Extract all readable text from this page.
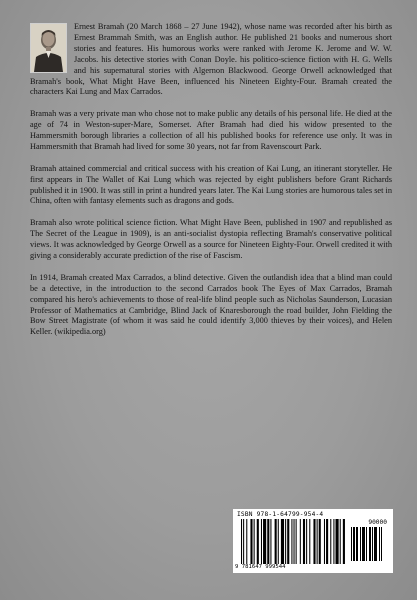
Ernest Bramah (20 March 1868 – 27 June 1942), whose name was recorded after his birth as Ernest Brammah Smith, was an English author. He published 21 books and numerous short stories and features. His humorous works were ranked with Jerome K. Jerome and W. W. Jacobs. his detective stories with Conan Doyle. his politico-science fiction with H. G. Wells and his supernatural stories with Algernon Blackwood. George Orwell acknowledged that Bramah's book, What Might Have Been, influenced his Nineteen Eighty-Four. Bramah created the characters Kai Lung and Max Carrados.

Bramah was a very private man who chose not to make public any details of his personal life. He died at the age of 74 in Weston-super-Mare, Somerset. After Bramah had died his widow presented to the Hammersmith borough libraries a collection of all his published books for reference use only. It was in Hammersmith that Bramah had lived for some 30 years, not far from Ravenscourt Park.

Bramah attained commercial and critical success with his creation of Kai Lung, an itinerant storyteller. He first appears in The Wallet of Kai Lung which was rejected by eight publishers before Grant Richards published it in 1900. It was still in print a hundred years later. The Kai Lung stories are humorous tales set in China, often with fantasy elements such as dragons and gods.

Bramah also wrote political science fiction. What Might Have Been, published in 1907 and republished as The Secret of the League in 1909), is an anti-socialist dystopia reflecting Bramah's conservative political views. It was acknowledged by George Orwell as a source for Nineteen Eighty-Four. Orwell credited it with giving a considerably accurate prediction of the rise of Fascism.

In 1914, Bramah created Max Carrados, a blind detective. Given the outlandish idea that a blind man could be a detective, in the introduction to the second Carrados book The Eyes of Max Carrados, Bramah compared his hero's achievements to those of real-life blind people such as Nicholas Saunderson, Lucasian Professor of Mathematics at Cambridge, Blind Jack of Knaresborough the road builder, John Fielding the Bow Street Magistrate (of whom it was said he could identify 3,000 thieves by their voices), and Helen Keller. (wikipedia.org)

ISBN 978-1-64799-954-4
90000
9 781647 999544
